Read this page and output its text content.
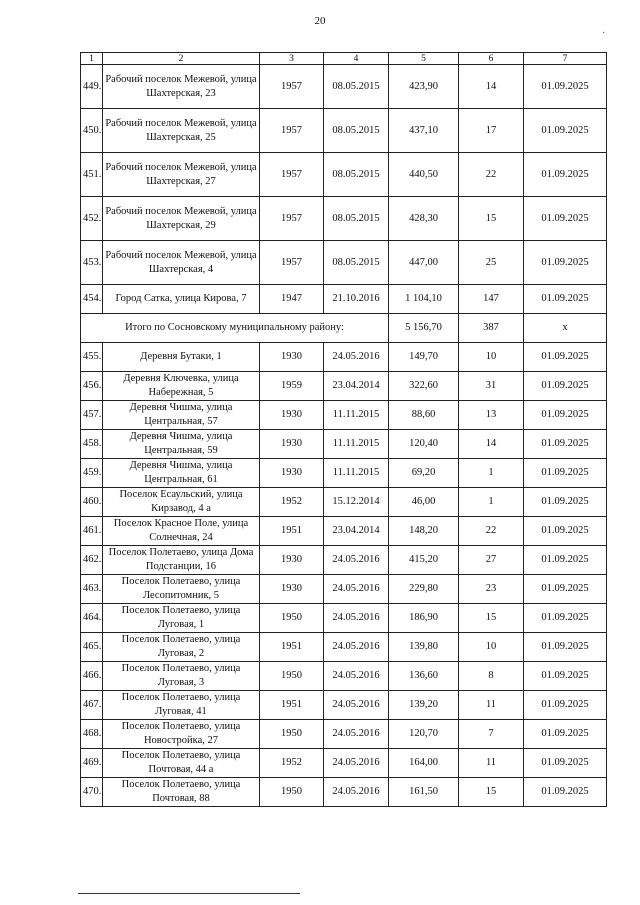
20
·
1	2	3	4	5	6	7
449.	Рабочий поселок Межевой, улица Шахтерская, 23	1957	08.05.2015	423,90	14	01.09.2025
450.	Рабочий поселок Межевой, улица Шахтерская, 25	1957	08.05.2015	437,10	17	01.09.2025
451.	Рабочий поселок Межевой, улица Шахтерская, 27	1957	08.05.2015	440,50	22	01.09.2025
452.	Рабочий поселок Межевой, улица Шахтерская, 29	1957	08.05.2015	428,30	15	01.09.2025
453.	Рабочий поселок Межевой, улица Шахтерская, 4	1957	08.05.2015	447,00	25	01.09.2025
454.	Город Сатка, улица Кирова, 7	1947	21.10.2016	1 104,10	147	01.09.2025
Итого по Сосновскому муниципальному району:				5 156,70	387	х
455.	Деревня Бутаки, 1	1930	24.05.2016	149,70	10	01.09.2025
456.	Деревня Ключевка, улица Набережная, 5	1959	23.04.2014	322,60	31	01.09.2025
457.	Деревня Чишма, улица Центральная, 57	1930	11.11.2015	88,60	13	01.09.2025
458.	Деревня Чишма, улица Центральная, 59	1930	11.11.2015	120,40	14	01.09.2025
459.	Деревня Чишма, улица Центральная, 61	1930	11.11.2015	69,20	1	01.09.2025
460.	Поселок Есаульский, улица Кирзавод, 4 а	1952	15.12.2014	46,00	1	01.09.2025
461.	Поселок Красное Поле, улица Солнечная, 24	1951	23.04.2014	148,20	22	01.09.2025
462.	Поселок Полетаево, улица Дома Подстанции, 16	1930	24.05.2016	415,20	27	01.09.2025
463.	Поселок Полетаево, улица Лесопитомник, 5	1930	24.05.2016	229,80	23	01.09.2025
464.	Поселок Полетаево, улица Луговая, 1	1950	24.05.2016	186,90	15	01.09.2025
465.	Поселок Полетаево, улица Луговая, 2	1951	24.05.2016	139,80	10	01.09.2025
466.	Поселок Полетаево, улица Луговая, 3	1950	24.05.2016	136,60	8	01.09.2025
467.	Поселок Полетаево, улица Луговая, 41	1951	24.05.2016	139,20	11	01.09.2025
468.	Поселок Полетаево, улица Новостройка, 27	1950	24.05.2016	120,70	7	01.09.2025
469.	Поселок Полетаево, улица Почтовая, 44 а	1952	24.05.2016	164,00	11	01.09.2025
470.	Поселок Полетаево, улица Почтовая, 88	1950	24.05.2016	161,50	15	01.09.2025
